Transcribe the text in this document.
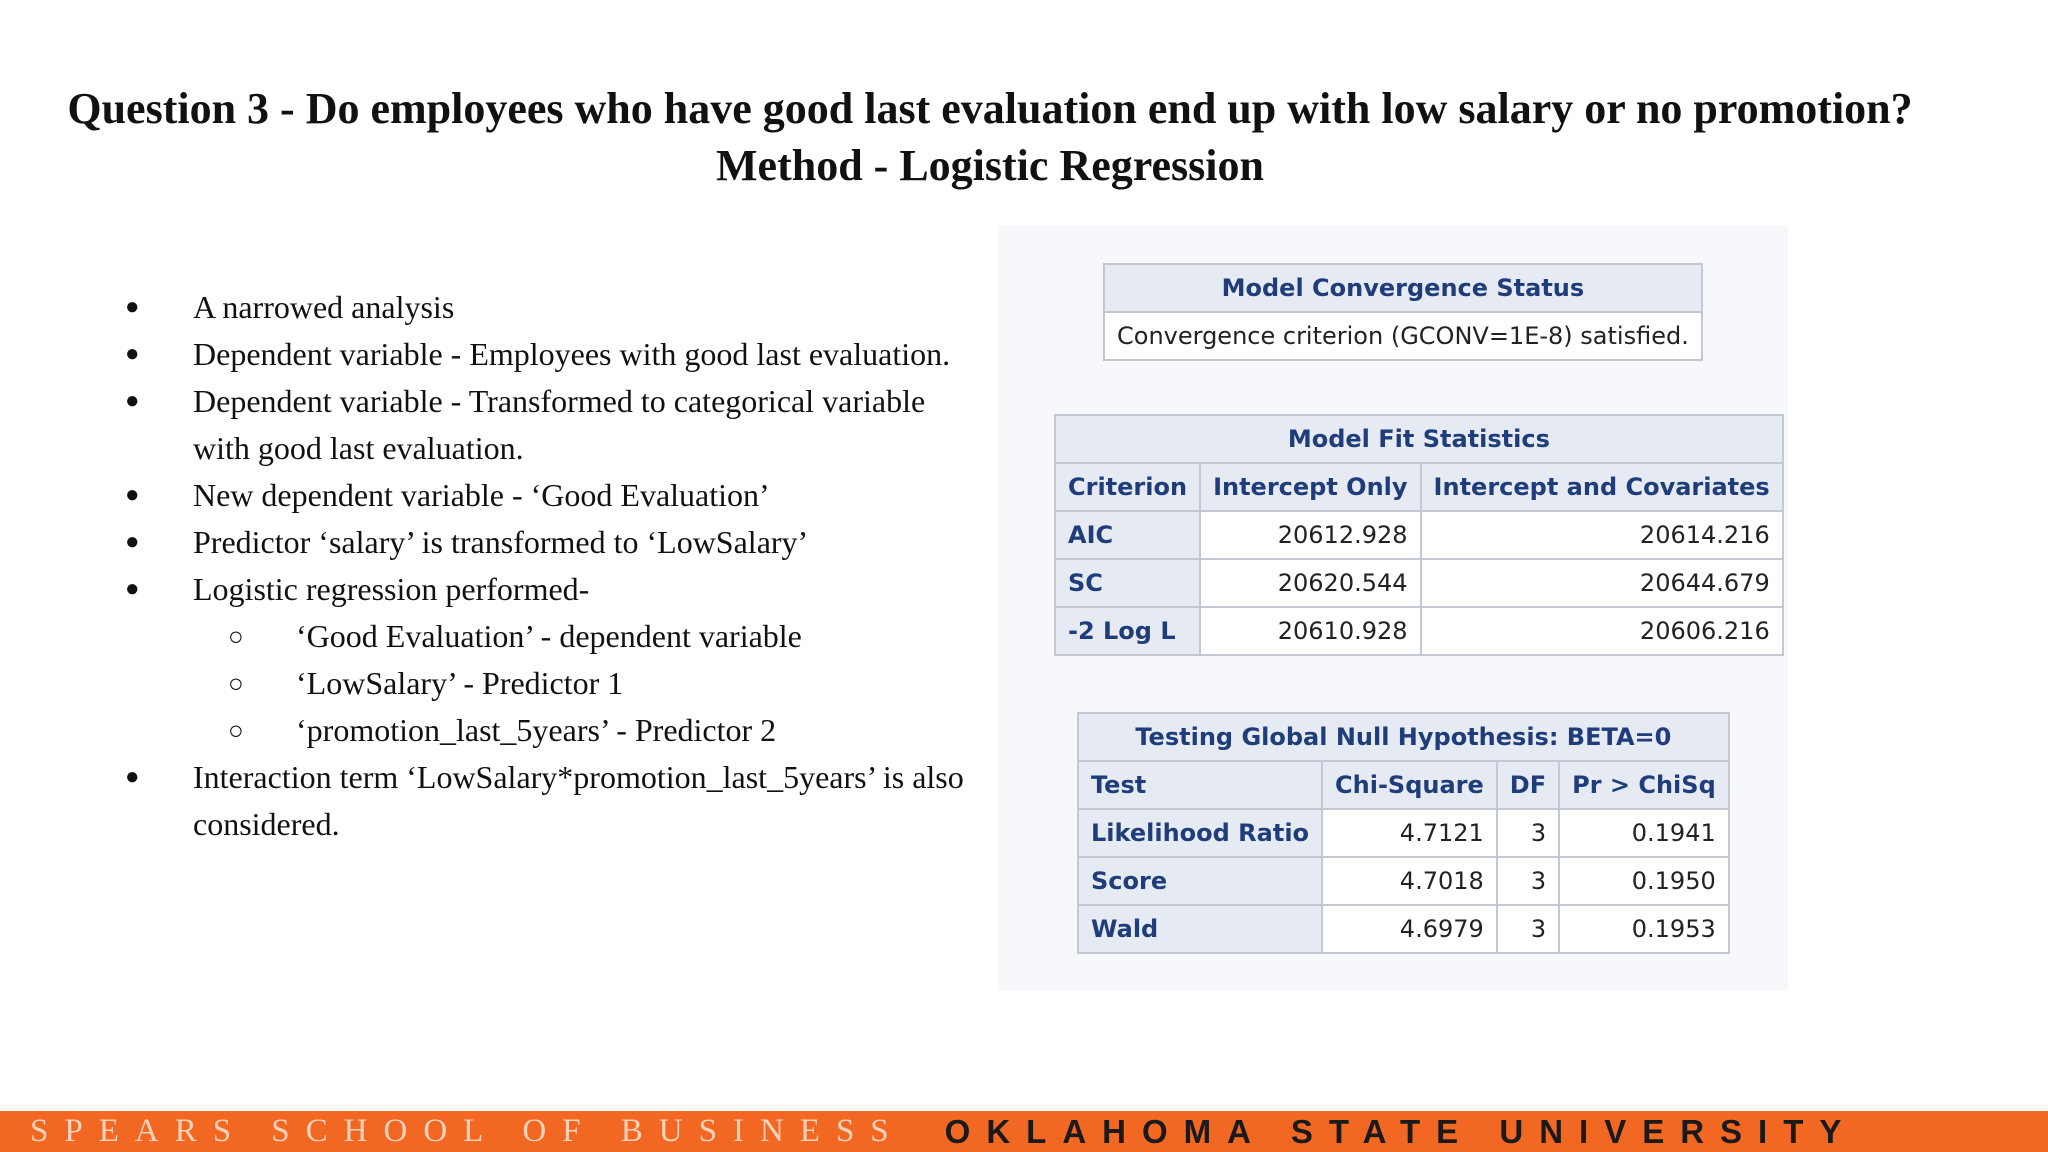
Question 3 - Do employees who have good last evaluation end up with low salary or no promotion?
Method - Logistic Regression
● A narrowed analysis
● Dependent variable - Employees with good last evaluation.
● Dependent variable - Transformed to categorical variable with good last evaluation.
● New dependent variable - ‘Good Evaluation’
● Predictor ‘salary’ is transformed to ‘LowSalary’
● Logistic regression performed-
○ ‘Good Evaluation’ - dependent variable
○ ‘LowSalary’ - Predictor 1
○ ‘promotion_last_5years’ - Predictor 2
● Interaction term ‘LowSalary*promotion_last_5years’ is also considered.
Model Convergence Status
Convergence criterion (GCONV=1E-8) satisfied.
Model Fit Statistics		
Criterion	Intercept Only	Intercept and Covariates
AIC	20612.928	20614.216
SC	20620.544	20644.679
-2 Log L	20610.928	20606.216
Testing Global Null Hypothesis: BETA=0			
Test	Chi-Square	DF	Pr > ChiSq
Likelihood Ratio	4.7121	3	0.1941
Score	4.7018	3	0.1950
Wald	4.6979	3	0.1953
SPEARS SCHOOL OF BUSINESS	OKLAHOMA STATE UNIVERSITY
